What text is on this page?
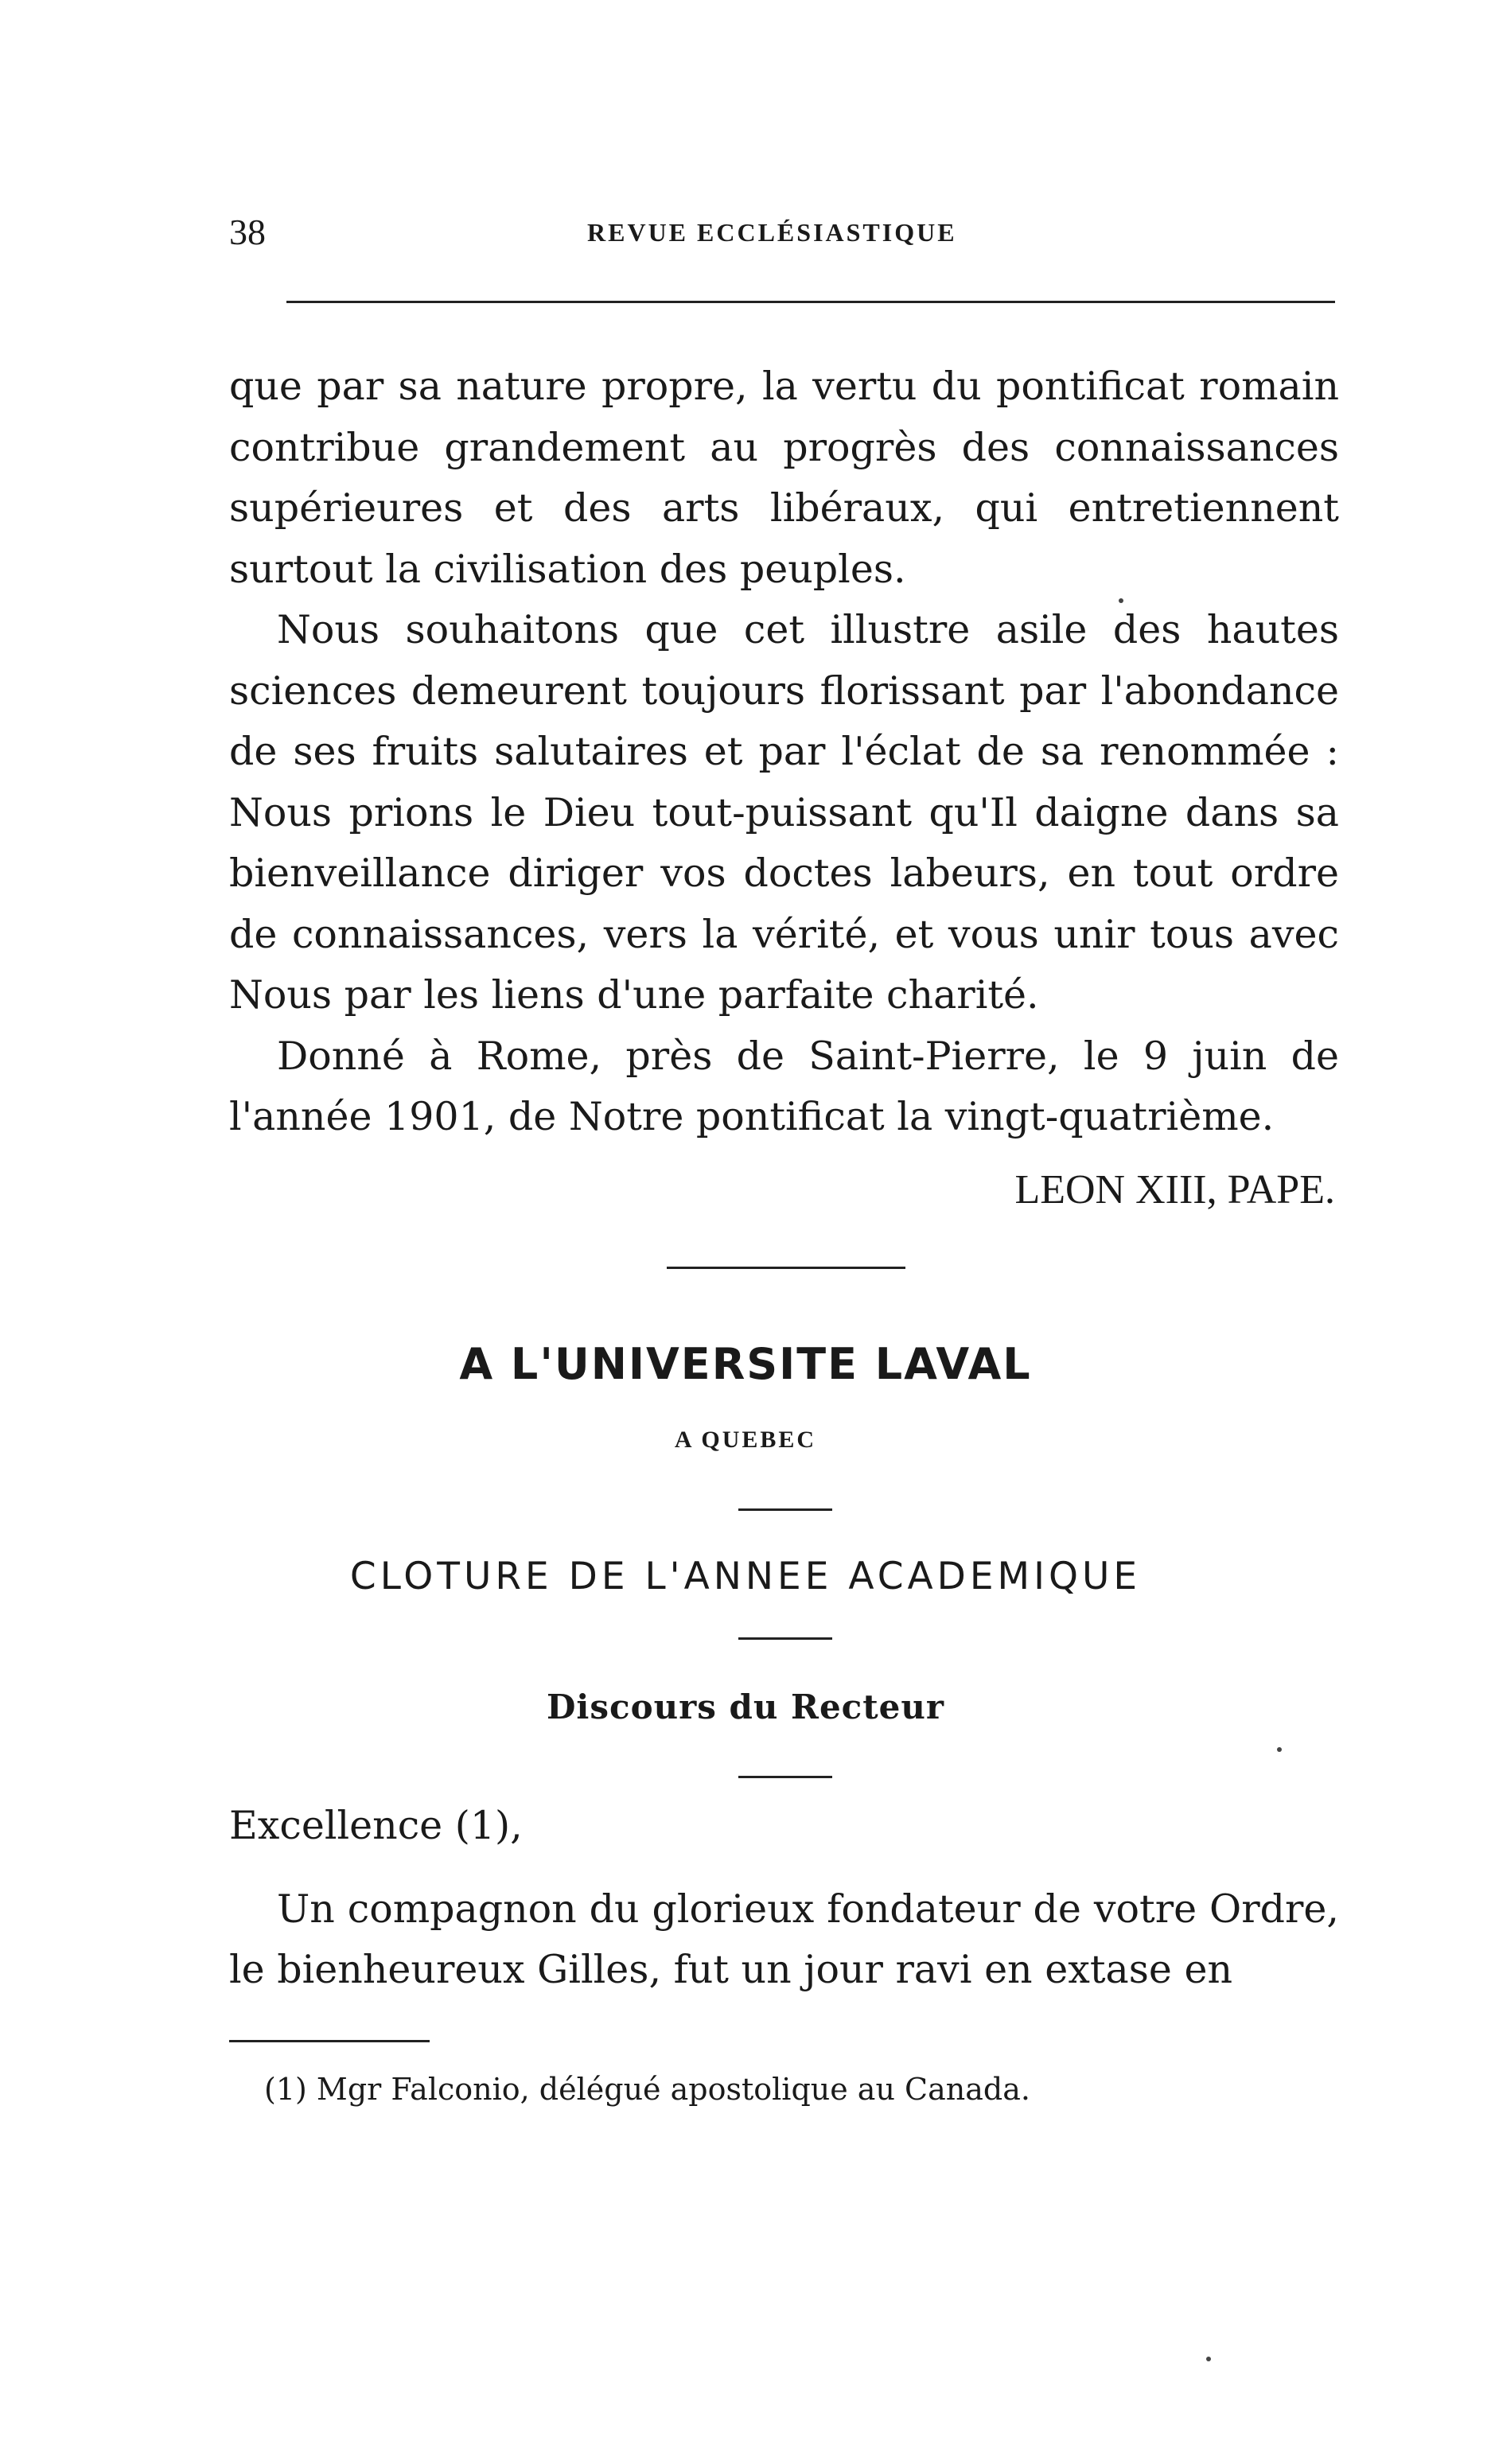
38	REVUE ECCLÉSIASTIQUE

que par sa nature propre, la vertu du pontificat romain contribue grandement au progrès des connaissances supérieures et des arts libéraux, qui entretiennent surtout la civilisation des peuples.

Nous souhaitons que cet illustre asile des hautes sciences demeurent toujours florissant par l'abondance de ses fruits salutaires et par l'éclat de sa renommée : Nous prions le Dieu tout-puissant qu'Il daigne dans sa bienveillance diriger vos doctes labeurs, en tout ordre de connaissances, vers la vérité, et vous unir tous avec Nous par les liens d'une parfaite charité.

Donné à Rome, près de Saint-Pierre, le 9 juin de l'année 1901, de Notre pontificat la vingt-quatrième.

LEON XIII, PAPE.
A L'UNIVERSITE LAVAL
A QUEBEC
CLOTURE DE L'ANNEE ACADEMIQUE
Discours du Recteur
Excellence (1),
Un compagnon du glorieux fondateur de votre Ordre, le bienheureux Gilles, fut un jour ravi en extase en
(1) Mgr Falconio, délégué apostolique au Canada.
